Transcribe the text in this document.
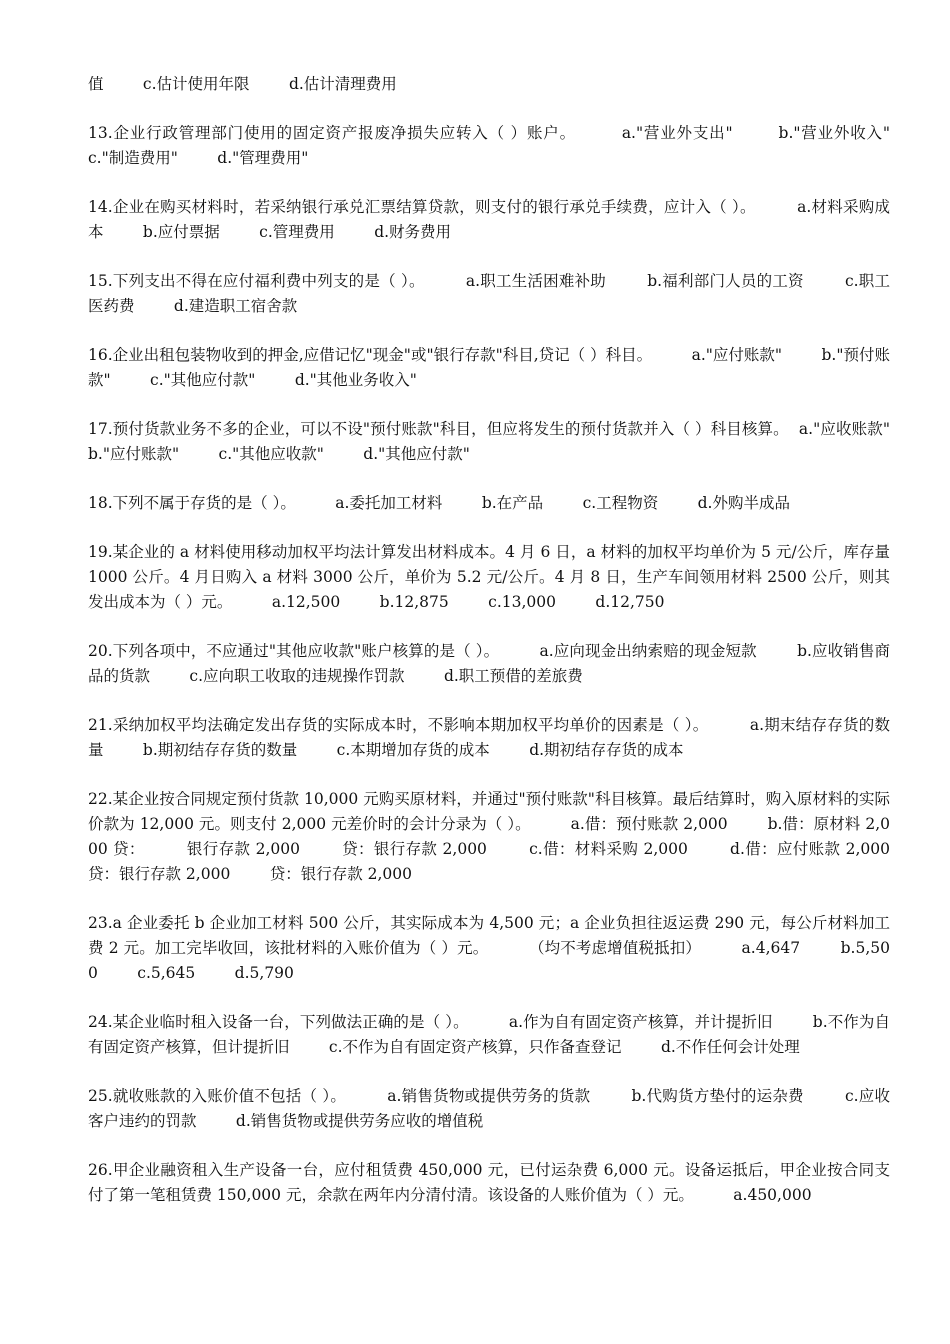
值        c.估计使用年限        d.估计清理费用

13.企业行政管理部门使用的固定资产报废净损失应转入（ ）账户。        a."营业外支出"        b."营业外收入"        c."制造费用"        d."管理费用"

14.企业在购买材料时，若采纳银行承兑汇票结算贷款，则支付的银行承兑手续费，应计入（ ）。        a.材料采购成本        b.应付票据        c.管理费用        d.财务费用

15.下列支出不得在应付福利费中列支的是（ ）。        a.职工生活困难补助        b.福利部门人员的工资        c.职工医药费        d.建造职工宿舍款

16.企业出租包装物收到的押金,应借记忆"现金"或"银行存款"科目,贷记（ ）科目。        a."应付账款"        b."预付账款"        c."其他应付款"        d."其他业务收入"

17.预付货款业务不多的企业，可以不设"预付账款"科目，但应将发生的预付货款并入（ ）科目核算。  a."应收账款"        b."应付账款"        c."其他应收款"        d."其他应付款"

18.下列不属于存货的是（ ）。        a.委托加工材料        b.在产品        c.工程物资        d.外购半成品

19.某企业的 a 材料使用移动加权平均法计算发出材料成本。4 月 6 日，a 材料的加权平均单价为 5 元/公斤，库存量 1000 公斤。4 月日购入 a 材料 3000 公斤，单价为 5.2 元/公斤。4 月 8 日，生产车间领用材料 2500 公斤，则其发出成本为（ ）元。        a.12,500        b.12,875        c.13,000        d.12,750

20.下列各项中，不应通过"其他应收款"账户核算的是（ ）。        a.应向现金出纳索赔的现金短款        b.应收销售商品的货款        c.应向职工收取的违规操作罚款        d.职工预借的差旅费

21.采纳加权平均法确定发出存货的实际成本时，不影响本期加权平均单价的因素是（ ）。        a.期末结存存货的数量        b.期初结存存货的数量        c.本期增加存货的成本        d.期初结存存货的成本

22.某企业按合同规定预付货款 10,000 元购买原材料，并通过"预付账款"科目核算。最后结算时，购入原材料的实际价款为 12,000 元。则支付 2,000 元差价时的会计分录为（ ）。        a.借：预付账款 2,000        b.借：原材料 2,000 贷：        银行存款 2,000        贷：银行存款 2,000        c.借：材料采购 2,000        d.借：应付账款 2,000        贷：银行存款 2,000        贷：银行存款 2,000

23.a 企业委托 b 企业加工材料 500 公斤，其实际成本为 4,500 元；a 企业负担往返运费 290 元，每公斤材料加工费 2 元。加工完毕收回，该批材料的入账价值为（ ）元。        （均不考虑增值税抵扣）        a.4,647        b.5,500        c.5,645        d.5,790

24.某企业临时租入设备一台，下列做法正确的是（ ）。        a.作为自有固定资产核算，并计提折旧        b.不作为自有固定资产核算，但计提折旧        c.不作为自有固定资产核算，只作备查登记        d.不作任何会计处理

25.就收账款的入账价值不包括（ ）。        a.销售货物或提供劳务的货款        b.代购货方垫付的运杂费        c.应收客户违约的罚款        d.销售货物或提供劳务应收的增值税

26.甲企业融资租入生产设备一台，应付租赁费 450,000 元，已付运杂费 6,000 元。设备运抵后，甲企业按合同支付了第一笔租赁费 150,000 元，余款在两年内分清付清。该设备的人账价值为（ ）元。        a.450,000
